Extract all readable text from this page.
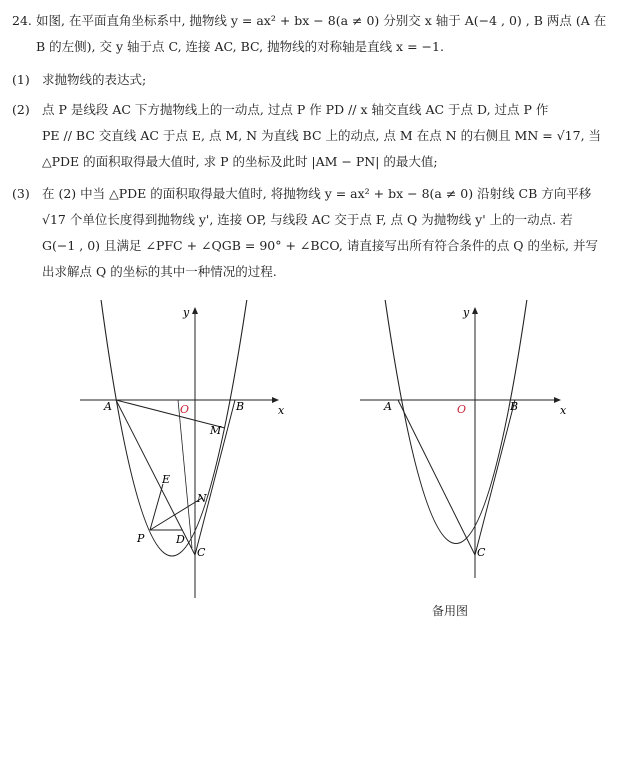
24. 如图, 在平面直角坐标系中, 抛物线 y = ax² + bx − 8(a ≠ 0) 分别交 x 轴于 A(−4 , 0) , B 两点 (A 在
B 的左侧), 交 y 轴于点 C, 连接 AC, BC, 抛物线的对称轴是直线 x = −1.
(1) 求抛物线的表达式;
(2) 点 P 是线段 AC 下方抛物线上的一动点, 过点 P 作 PD // x 轴交直线 AC 于点 D, 过点 P 作
PE // BC 交直线 AC 于点 E, 点 M, N 为直线 BC 上的动点, 点 M 在点 N 的右侧且 MN = √17, 当
△PDE 的面积取得最大值时, 求 P 的坐标及此时 |AM − PN| 的最大值;
(3) 在 (2) 中当 △PDE 的面积取得最大值时, 将抛物线 y = ax² + bx − 8(a ≠ 0) 沿射线 CB 方向平移
√17 个单位长度得到抛物线 y', 连接 OP, 与线段 AC 交于点 F, 点 Q 为抛物线 y' 上的一动点. 若
G(−1 , 0) 且满足 ∠PFC + ∠QGB = 90° + ∠BCO, 请直接写出所有符合条件的点 Q 的坐标, 并写
出求解点 Q 的坐标的其中一种情况的过程.
y
x
A	O	B
M
E
N
P	D
C
y
x
A	O	B
C
备用图
